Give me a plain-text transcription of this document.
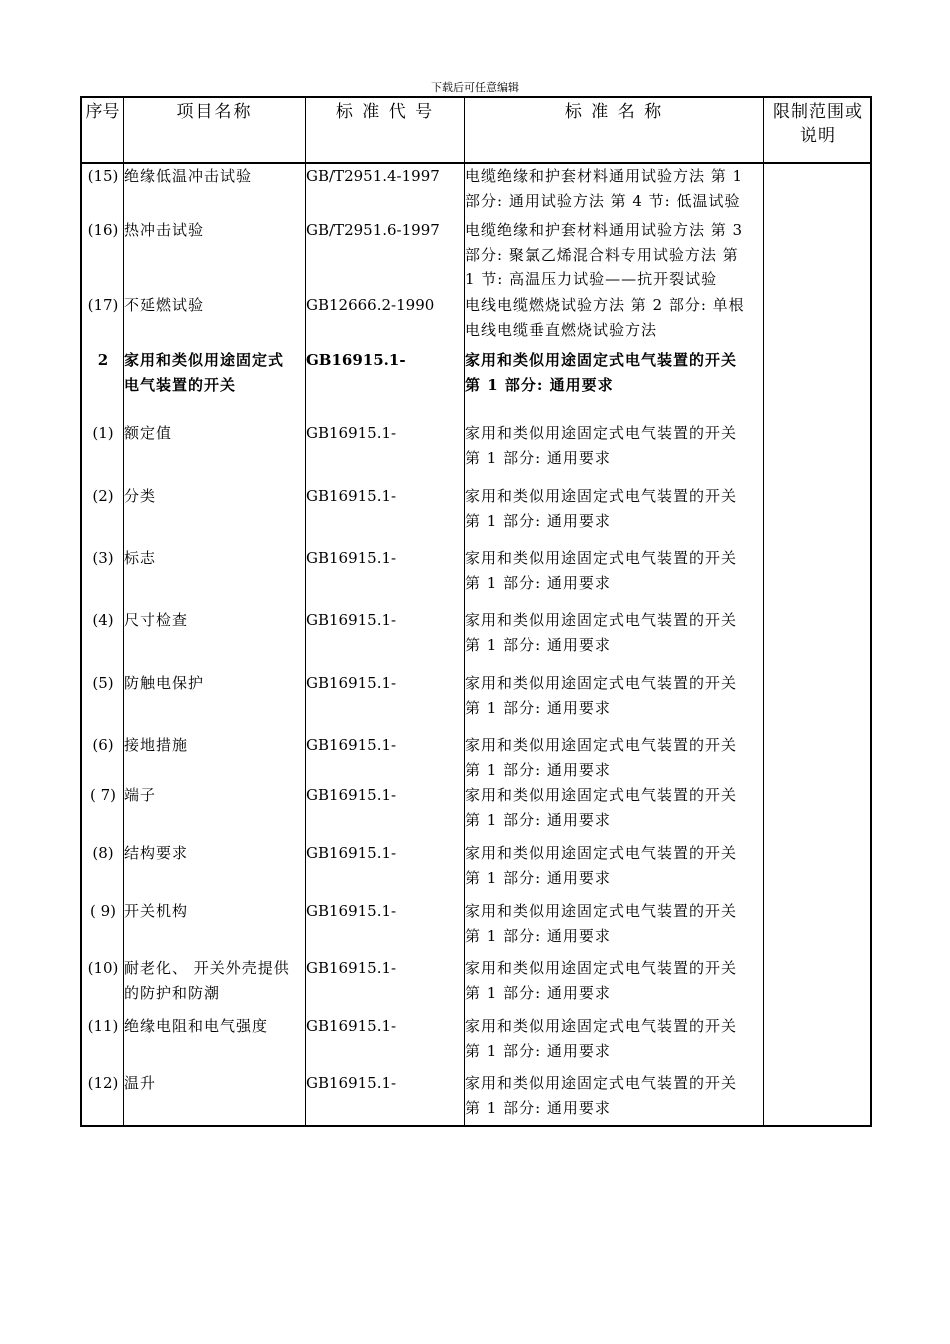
下载后可任意编辑
序号	项目名称	标 准 代 号	标 准 名 称	限制范围或说明
(15) 绝缘低温冲击试验	GB/T2951.4-1997	电缆绝缘和护套材料通用试验方法 第 1
部分: 通用试验方法 第 4 节: 低温试验
(16) 热冲击试验	GB/T2951.6-1997	电缆绝缘和护套材料通用试验方法 第 3
部分: 聚氯乙烯混合料专用试验方法 第
1 节: 高温压力试验——抗开裂试验
(17) 不延燃试验	GB12666.2-1990	电线电缆燃烧试验方法 第 2 部分: 单根
电线电缆垂直燃烧试验方法
2	家用和类似用途固定式
电气装置的开关
GB16915.1-	家用和类似用途固定式电气装置的开关
第 1 部分: 通用要求
(1) 额定值	GB16915.1-	家用和类似用途固定式电气装置的开关
第 1 部分: 通用要求
(2) 分类	GB16915.1-	家用和类似用途固定式电气装置的开关
第 1 部分: 通用要求
(3) 标志	GB16915.1-	家用和类似用途固定式电气装置的开关
第 1 部分: 通用要求
(4) 尺寸检查	GB16915.1-	家用和类似用途固定式电气装置的开关
第 1 部分: 通用要求
(5) 防触电保护	GB16915.1-	家用和类似用途固定式电气装置的开关
第 1 部分: 通用要求
(6) 接地措施	GB16915.1-	家用和类似用途固定式电气装置的开关
第 1 部分: 通用要求
( 7) 端子	GB16915.1-	家用和类似用途固定式电气装置的开关
第 1 部分: 通用要求
(8) 结构要求	GB16915.1-	家用和类似用途固定式电气装置的开关
第 1 部分: 通用要求
( 9) 开关机构	GB16915.1-	家用和类似用途固定式电气装置的开关
第 1 部分: 通用要求
(10) 耐老化、 开关外壳提供
的防护和防潮
GB16915.1-	家用和类似用途固定式电气装置的开关
第 1 部分: 通用要求
(11) 绝缘电阻和电气强度	GB16915.1-	家用和类似用途固定式电气装置的开关
第 1 部分: 通用要求
(12) 温升	GB16915.1-	家用和类似用途固定式电气装置的开关
第 1 部分: 通用要求
